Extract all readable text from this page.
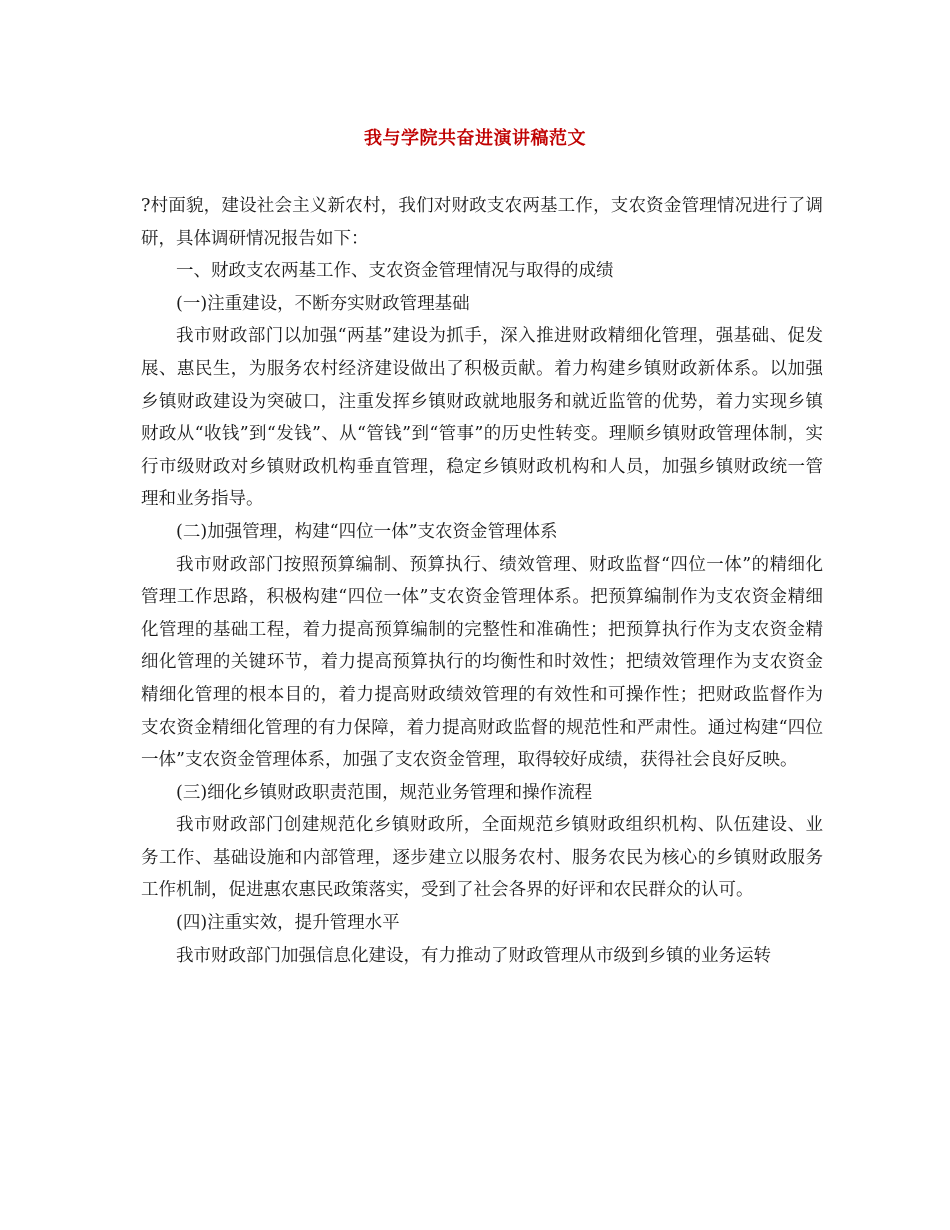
我与学院共奋进演讲稿范文

?村面貌，建设社会主义新农村，我们对财政支农两基工作，支农资金管理情况进行了调研，具体调研情况报告如下：

一、财政支农两基工作、支农资金管理情况与取得的成绩

(一)注重建设，不断夯实财政管理基础

我市财政部门以加强“两基”建设为抓手，深入推进财政精细化管理，强基础、促发展、惠民生，为服务农村经济建设做出了积极贡献。着力构建乡镇财政新体系。以加强乡镇财政建设为突破口，注重发挥乡镇财政就地服务和就近监管的优势，着力实现乡镇财政从“收钱”到“发钱”、从“管钱”到“管事”的历史性转变。理顺乡镇财政管理体制，实行市级财政对乡镇财政机构垂直管理，稳定乡镇财政机构和人员，加强乡镇财政统一管理和业务指导。

(二)加强管理，构建“四位一体”支农资金管理体系

我市财政部门按照预算编制、预算执行、绩效管理、财政监督“四位一体”的精细化管理工作思路，积极构建“四位一体”支农资金管理体系。把预算编制作为支农资金精细化管理的基础工程，着力提高预算编制的完整性和准确性；把预算执行作为支农资金精细化管理的关键环节，着力提高预算执行的均衡性和时效性；把绩效管理作为支农资金精细化管理的根本目的，着力提高财政绩效管理的有效性和可操作性；把财政监督作为支农资金精细化管理的有力保障，着力提高财政监督的规范性和严肃性。通过构建“四位一体”支农资金管理体系，加强了支农资金管理，取得较好成绩，获得社会良好反映。

(三)细化乡镇财政职责范围，规范业务管理和操作流程

我市财政部门创建规范化乡镇财政所，全面规范乡镇财政组织机构、队伍建设、业务工作、基础设施和内部管理，逐步建立以服务农村、服务农民为核心的乡镇财政服务工作机制，促进惠农惠民政策落实，受到了社会各界的好评和农民群众的认可。

(四)注重实效，提升管理水平

我市财政部门加强信息化建设，有力推动了财政管理从市级到乡镇的业务运转
